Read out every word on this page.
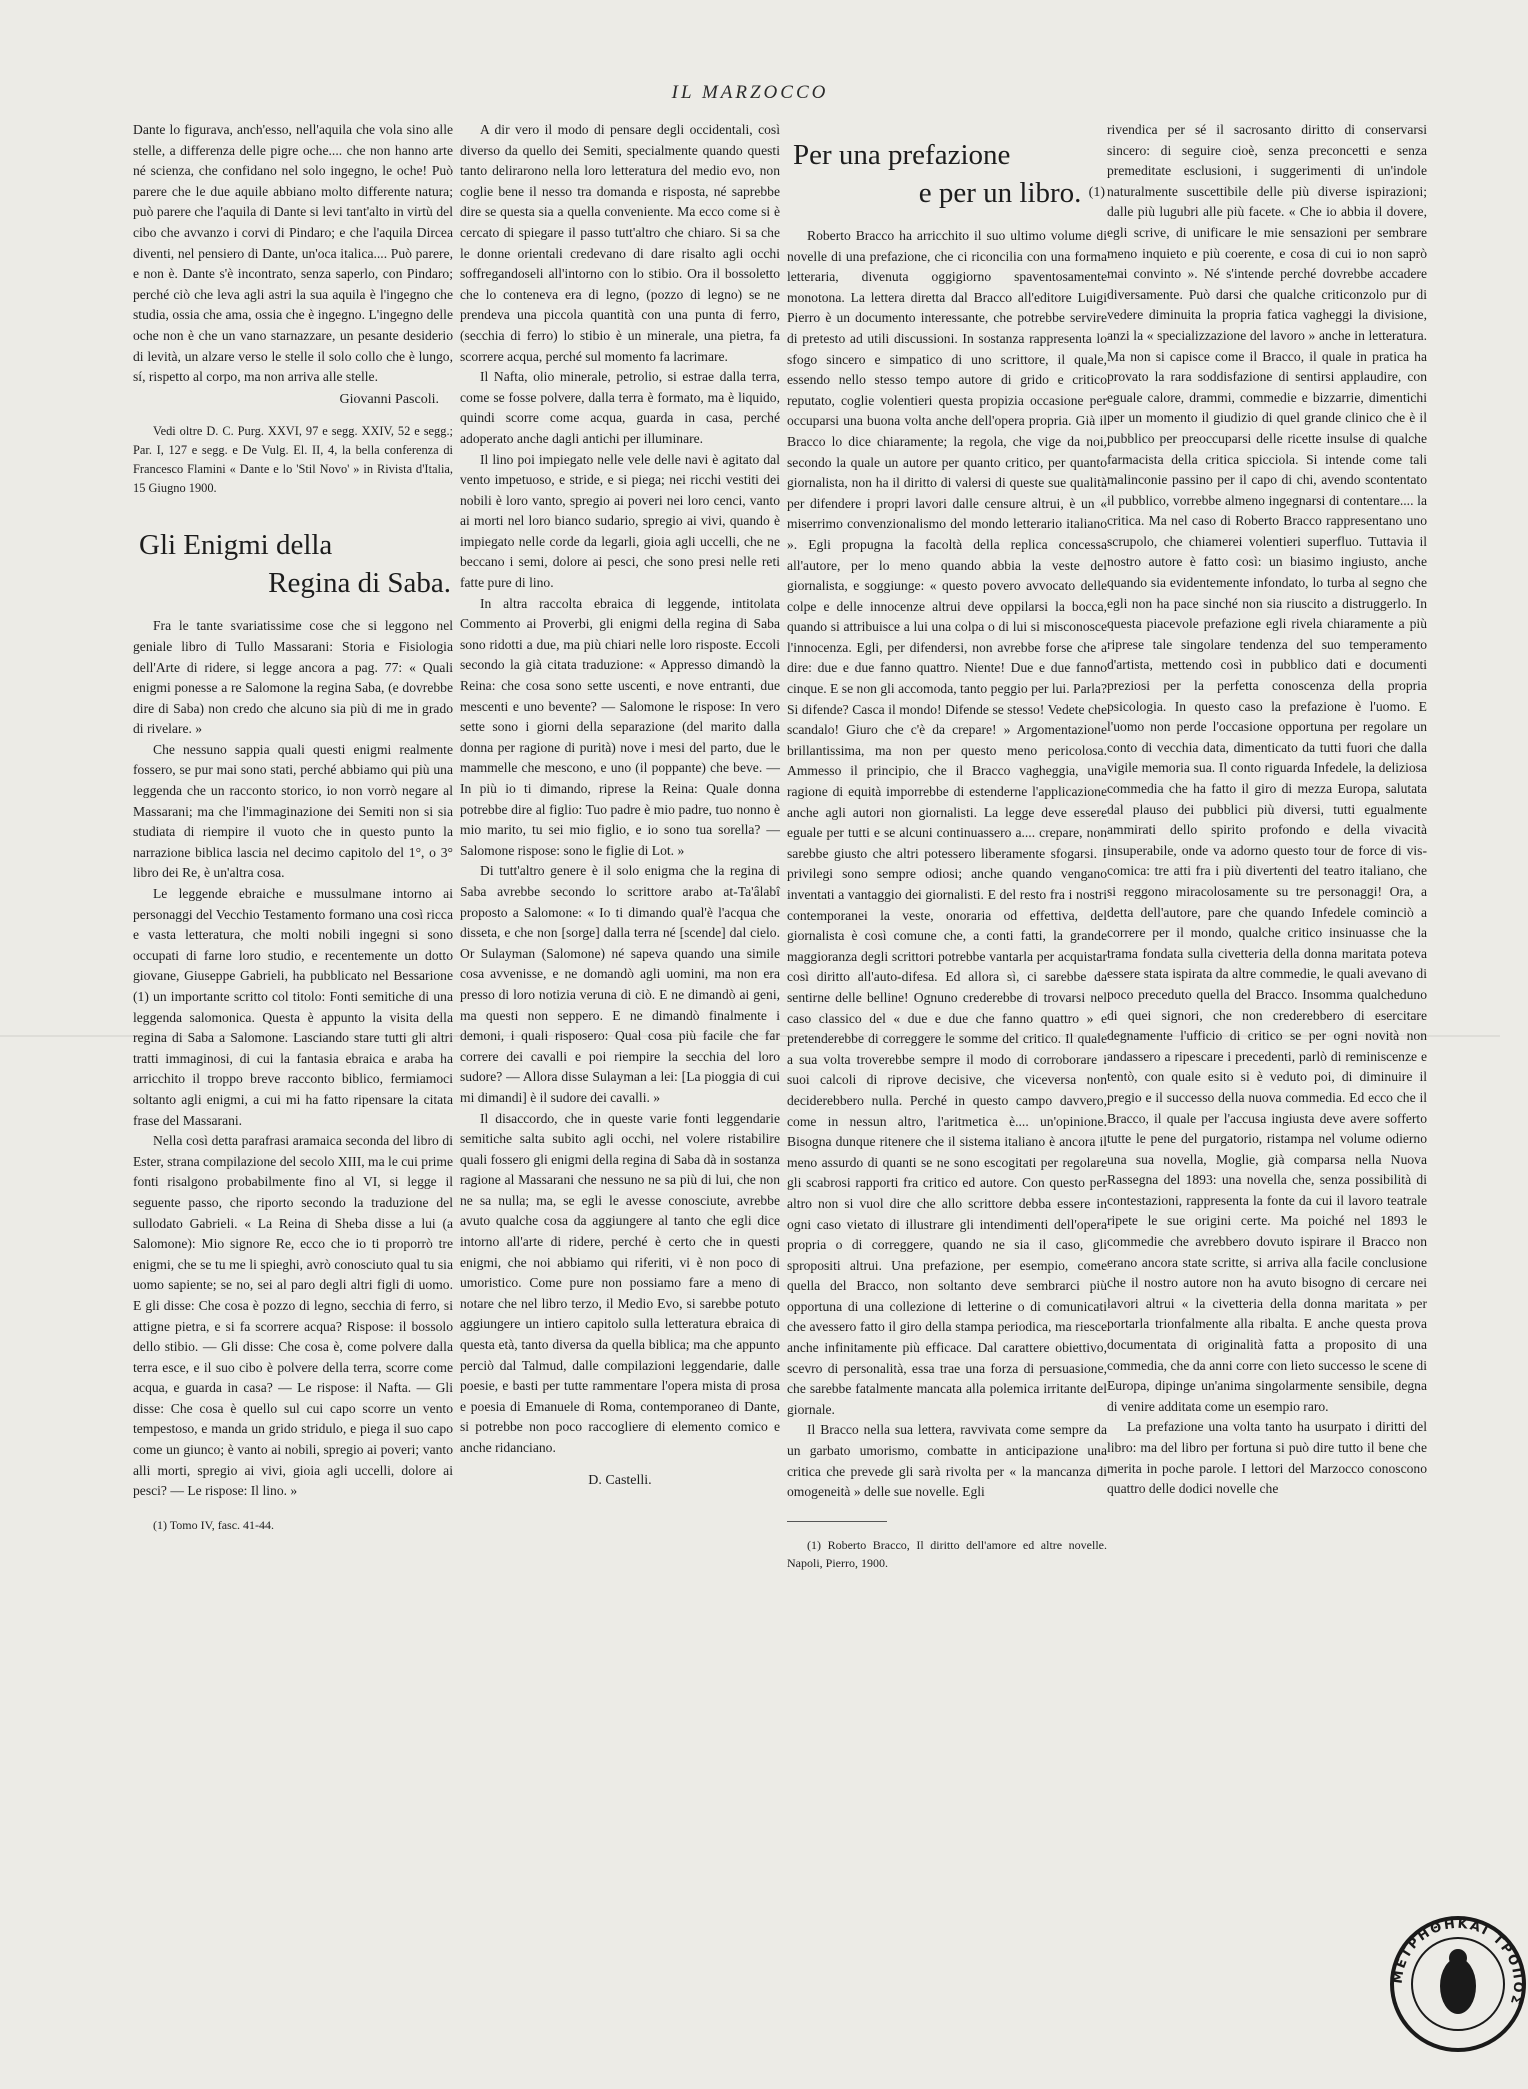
IL MARZOCCO

Dante lo figurava, anch'esso, nell'aquila che vola sino alle stelle, a differenza delle pigre oche.... che non hanno arte né scienza, che confidano nel solo ingegno, le oche! Può parere che le due aquile abbiano molto differente natura; può parere che l'aquila di Dante si levi tant'alto in virtù del cibo che avvanzo i corvi di Pindaro; e che l'aquila Dircea diventi, nel pensiero di Dante, un'oca italica.... Può parere, e non è. Dante s'è incontrato, senza saperlo, con Pindaro; perché ciò che leva agli astri la sua aquila è l'ingegno che studia, ossia che ama, ossia che è ingegno. L'ingegno delle oche non è che un vano starnazzare, un pesante desiderio di levità, un alzare verso le stelle il solo collo che è lungo, sí, rispetto al corpo, ma non arriva alle stelle.

Giovanni Pascoli.

Vedi oltre D. C. Purg. XXVI, 97 e segg. XXIV, 52 e segg.; Par. I, 127 e segg. e De Vulg. El. II, 4, la bella conferenza di Francesco Flamini « Dante e lo 'Stil Novo' » in Rivista d'Italia, 15 Giugno 1900.

Gli Enigmi della
Regina di Saba.

Fra le tante svariatissime cose che si leggono nel geniale libro di Tullo Massarani: Storia e Fisiologia dell'Arte di ridere, si legge ancora a pag. 77: « Quali enigmi ponesse a re Salomone la regina Saba, (e dovrebbe dire di Saba) non credo che alcuno sia più di me in grado di rivelare. »

Che nessuno sappia quali questi enigmi realmente fossero, se pur mai sono stati, perché abbiamo qui più una leggenda che un racconto storico, io non vorrò negare al Massarani; ma che l'immaginazione dei Semiti non si sia studiata di riempire il vuoto che in questo punto la narrazione biblica lascia nel decimo capitolo del 1°, o 3° libro dei Re, è un'altra cosa.

Le leggende ebraiche e mussulmane intorno ai personaggi del Vecchio Testamento formano una così ricca e vasta letteratura, che molti nobili ingegni si sono occupati di farne loro studio, e recentemente un dotto giovane, Giuseppe Gabrieli, ha pubblicato nel Bessarione (1) un importante scritto col titolo: Fonti semitiche di una leggenda salomonica. Questa è appunto la visita della regina di Saba a Salomone. Lasciando stare tutti gli altri tratti immaginosi, di cui la fantasia ebraica e araba ha arricchito il troppo breve racconto biblico, fermiamoci soltanto agli enigmi, a cui mi ha fatto ripensare la citata frase del Massarani.

Nella così detta parafrasi aramaica seconda del libro di Ester, strana compilazione del secolo XIII, ma le cui prime fonti risalgono probabilmente fino al VI, si legge il seguente passo, che riporto secondo la traduzione del sullodato Gabrieli. « La Reina di Sheba disse a lui (a Salomone): Mio signore Re, ecco che io ti proporrò tre enigmi, che se tu me li spieghi, avrò conosciuto qual tu sia uomo sapiente; se no, sei al paro degli altri figli di uomo. E gli disse: Che cosa è pozzo di legno, secchia di ferro, si attigne pietra, e si fa scorrere acqua? Rispose: il bossolo dello stibio. — Gli disse: Che cosa è, come polvere dalla terra esce, e il suo cibo è polvere della terra, scorre come acqua, e guarda in casa? — Le rispose: il Nafta. — Gli disse: Che cosa è quello sul cui capo scorre un vento tempestoso, e manda un grido stridulo, e piega il suo capo come un giunco; è vanto ai nobili, spregio ai poveri; vanto alli morti, spregio ai vivi, gioia agli uccelli, dolore ai pesci? — Le rispose: Il lino. »

(1) Tomo IV, fasc. 41-44.

A dir vero il modo di pensare degli occidentali, così diverso da quello dei Semiti, specialmente quando questi tanto delirarono nella loro letteratura del medio evo, non coglie bene il nesso tra domanda e risposta, né saprebbe dire se questa sia a quella conveniente. Ma ecco come si è cercato di spiegare il passo tutt'altro che chiaro. Si sa che le donne orientali credevano di dare risalto agli occhi soffregandoseli all'intorno con lo stibio. Ora il bossoletto che lo conteneva era di legno, (pozzo di legno) se ne prendeva una piccola quantità con una punta di ferro, (secchia di ferro) lo stibio è un minerale, una pietra, fa scorrere acqua, perché sul momento fa lacrimare.

Il Nafta, olio minerale, petrolio, si estrae dalla terra, come se fosse polvere, dalla terra è formato, ma è liquido, quindi scorre come acqua, guarda in casa, perché adoperato anche dagli antichi per illuminare.

Il lino poi impiegato nelle vele delle navi è agitato dal vento impetuoso, e stride, e si piega; nei ricchi vestiti dei nobili è loro vanto, spregio ai poveri nei loro cenci, vanto ai morti nel loro bianco sudario, spregio ai vivi, quando è impiegato nelle corde da legarli, gioia agli uccelli, che ne beccano i semi, dolore ai pesci, che sono presi nelle reti fatte pure di lino.

In altra raccolta ebraica di leggende, intitolata Commento ai Proverbi, gli enigmi della regina di Saba sono ridotti a due, ma più chiari nelle loro risposte. Eccoli secondo la già citata traduzione: « Appresso dimandò la Reina: che cosa sono sette uscenti, e nove entranti, due mescenti e uno bevente? — Salomone le rispose: In vero sette sono i giorni della separazione (del marito dalla donna per ragione di purità) nove i mesi del parto, due le mammelle che mescono, e uno (il poppante) che beve. — In più io ti dimando, riprese la Reina: Quale donna potrebbe dire al figlio: Tuo padre è mio padre, tuo nonno è mio marito, tu sei mio figlio, e io sono tua sorella? — Salomone rispose: sono le figlie di Lot. »

Di tutt'altro genere è il solo enigma che la regina di Saba avrebbe secondo lo scrittore arabo at-Ta'âlabî proposto a Salomone: « Io ti dimando qual'è l'acqua che disseta, e che non [sorge] dalla terra né [scende] dal cielo. Or Sulayman (Salomone) né sapeva quando una simile cosa avvenisse, e ne domandò agli uomini, ma non era presso di loro notizia veruna di ciò. E ne dimandò ai geni, ma questi non seppero. E ne dimandò finalmente i demoni, i quali risposero: Qual cosa più facile che far correre dei cavalli e poi riempire la secchia del loro sudore? — Allora disse Sulayman a lei: [La pioggia di cui mi dimandi] è il sudore dei cavalli. »

Il disaccordo, che in queste varie fonti leggendarie semitiche salta subito agli occhi, nel volere ristabilire quali fossero gli enigmi della regina di Saba dà in sostanza ragione al Massarani che nessuno ne sa più di lui, che non ne sa nulla; ma, se egli le avesse conosciute, avrebbe avuto qualche cosa da aggiungere al tanto che egli dice intorno all'arte di ridere, perché è certo che in questi enigmi, che noi abbiamo qui riferiti, vi è non poco di umoristico. Come pure non possiamo fare a meno di notare che nel libro terzo, il Medio Evo, si sarebbe potuto aggiungere un intiero capitolo sulla letteratura ebraica di questa età, tanto diversa da quella biblica; ma che appunto perciò dal Talmud, dalle compilazioni leggendarie, dalle poesie, e basti per tutte rammentare l'opera mista di prosa e poesia di Emanuele di Roma, contemporaneo di Dante, si potrebbe non poco raccogliere di elemento comico e anche ridanciano.

D. Castelli.
Per una prefazione
e per un libro. $^{(1)}$

Roberto Bracco ha arricchito il suo ultimo volume di novelle di una prefazione, che ci riconcilia con una forma letteraria, divenuta oggigiorno spaventosamente monotona. La lettera diretta dal Bracco all'editore Luigi Pierro è un documento interessante, che potrebbe servire di pretesto ad utili discussioni. In sostanza rappresenta lo sfogo sincero e simpatico di uno scrittore, il quale, essendo nello stesso tempo autore di grido e critico reputato, coglie volentieri questa propizia occasione per occuparsi una buona volta anche dell'opera propria. Già il Bracco lo dice chiaramente; la regola, che vige da noi, secondo la quale un autore per quanto critico, per quanto giornalista, non ha il diritto di valersi di queste sue qualità per difendere i propri lavori dalle censure altrui, è un « miserrimo convenzionalismo del mondo letterario italiano ». Egli propugna la facoltà della replica concessa all'autore, per lo meno quando abbia la veste del giornalista, e soggiunge: « questo povero avvocato delle colpe e delle innocenze altrui deve oppilarsi la bocca, quando si attribuisce a lui una colpa o di lui si misconosce l'innocenza. Egli, per difendersi, non avrebbe forse che a dire: due e due fanno quattro. Niente! Due e due fanno cinque. E se non gli accomoda, tanto peggio per lui. Parla? Si difende? Casca il mondo! Difende se stesso! Vedete che scandalo! Giuro che c'è da crepare! » Argomentazione brillantissima, ma non per questo meno pericolosa. Ammesso il principio, che il Bracco vagheggia, una ragione di equità imporrebbe di estenderne l'applicazione anche agli autori non giornalisti. La legge deve essere eguale per tutti e se alcuni continuassero a.... crepare, non sarebbe giusto che altri potessero liberamente sfogarsi. I privilegi sono sempre odiosi; anche quando vengano inventati a vantaggio dei giornalisti. E del resto fra i nostri contemporanei la veste, onoraria od effettiva, del giornalista è così comune che, a conti fatti, la grande maggioranza degli scrittori potrebbe vantarla per acquistar così diritto all'auto-difesa. Ed allora sì, ci sarebbe da sentirne delle belline! Ognuno crederebbe di trovarsi nel caso classico del « due e due che fanno quattro » e pretenderebbe di correggere le somme del critico. Il quale a sua volta troverebbe sempre il modo di corroborare i suoi calcoli di riprove decisive, che viceversa non deciderebbero nulla. Perché in questo campo davvero, come in nessun altro, l'aritmetica è.... un'opinione. Bisogna dunque ritenere che il sistema italiano è ancora il meno assurdo di quanti se ne sono escogitati per regolare gli scabrosi rapporti fra critico ed autore. Con questo per altro non si vuol dire che allo scrittore debba essere in ogni caso vietato di illustrare gli intendimenti dell'opera propria o di correggere, quando ne sia il caso, gli spropositi altrui. Una prefazione, per esempio, come quella del Bracco, non soltanto deve sembrarci più opportuna di una collezione di letterine o di comunicati che avessero fatto il giro della stampa periodica, ma riesce anche infinitamente più efficace. Dal carattere obiettivo, scevro di personalità, essa trae una forza di persuasione, che sarebbe fatalmente mancata alla polemica irritante del giornale.

Il Bracco nella sua lettera, ravvivata come sempre da un garbato umorismo, combatte in anticipazione una critica che prevede gli sarà rivolta per « la mancanza di omogeneità » delle sue novelle. Egli

(1) Roberto Bracco, Il diritto dell'amore ed altre novelle. Napoli, Pierro, 1900.

rivendica per sé il sacrosanto diritto di conservarsi sincero: di seguire cioè, senza preconcetti e senza premeditate esclusioni, i suggerimenti di un'indole naturalmente suscettibile delle più diverse ispirazioni; dalle più lugubri alle più facete. « Che io abbia il dovere, egli scrive, di unificare le mie sensazioni per sembrare meno inquieto e più coerente, e cosa di cui io non saprò mai convinto ». Né s'intende perché dovrebbe accadere diversamente. Può darsi che qualche criticonzolo pur di vedere diminuita la propria fatica vagheggi la divisione, anzi la « specializzazione del lavoro » anche in letteratura. Ma non si capisce come il Bracco, il quale in pratica ha provato la rara soddisfazione di sentirsi applaudire, con eguale calore, drammi, commedie e bizzarrie, dimentichi per un momento il giudizio di quel grande clinico che è il pubblico per preoccuparsi delle ricette insulse di qualche farmacista della critica spicciola. Si intende come tali malinconie passino per il capo di chi, avendo scontentato il pubblico, vorrebbe almeno ingegnarsi di contentare.... la critica. Ma nel caso di Roberto Bracco rappresentano uno scrupolo, che chiamerei volentieri superfluo. Tuttavia il nostro autore è fatto così: un biasimo ingiusto, anche quando sia evidentemente infondato, lo turba al segno che egli non ha pace sinché non sia riuscito a distruggerlo. In questa piacevole prefazione egli rivela chiaramente a più riprese tale singolare tendenza del suo temperamento d'artista, mettendo così in pubblico dati e documenti preziosi per la perfetta conoscenza della propria psicologia. In questo caso la prefazione è l'uomo. E l'uomo non perde l'occasione opportuna per regolare un conto di vecchia data, dimenticato da tutti fuori che dalla vigile memoria sua. Il conto riguarda Infedele, la deliziosa commedia che ha fatto il giro di mezza Europa, salutata dal plauso dei pubblici più diversi, tutti egualmente ammirati dello spirito profondo e della vivacità insuperabile, onde va adorno questo tour de force di vis-comica: tre atti fra i più divertenti del teatro italiano, che si reggono miracolosamente su tre personaggi! Ora, a detta dell'autore, pare che quando Infedele cominciò a correre per il mondo, qualche critico insinuasse che la trama fondata sulla civetteria della donna maritata poteva essere stata ispirata da altre commedie, le quali avevano di poco preceduto quella del Bracco. Insomma qualcheduno di quei signori, che non crederebbero di esercitare degnamente l'ufficio di critico se per ogni novità non andassero a ripescare i precedenti, parlò di reminiscenze e tentò, con quale esito si è veduto poi, di diminuire il pregio e il successo della nuova commedia. Ed ecco che il Bracco, il quale per l'accusa ingiusta deve avere sofferto tutte le pene del purgatorio, ristampa nel volume odierno una sua novella, Moglie, già comparsa nella Nuova Rassegna del 1893: una novella che, senza possibilità di contestazioni, rappresenta la fonte da cui il lavoro teatrale ripete le sue origini certe. Ma poiché nel 1893 le commedie che avrebbero dovuto ispirare il Bracco non erano ancora state scritte, si arriva alla facile conclusione che il nostro autore non ha avuto bisogno di cercare nei lavori altrui « la civetteria della donna maritata » per portarla trionfalmente alla ribalta. E anche questa prova documentata di originalità fatta a proposito di una commedia, che da anni corre con lieto successo le scene di Europa, dipinge un'anima singolarmente sensibile, degna di venire additata come un esempio raro.

La prefazione una volta tanto ha usurpato i diritti del libro: ma del libro per fortuna si può dire tutto il bene che merita in poche parole. I lettori del Marzocco conoscono quattro delle dodici novelle che

ΜΕΤΡΗΘΗΚΑΙ ΤΡΟΠΟΣ
